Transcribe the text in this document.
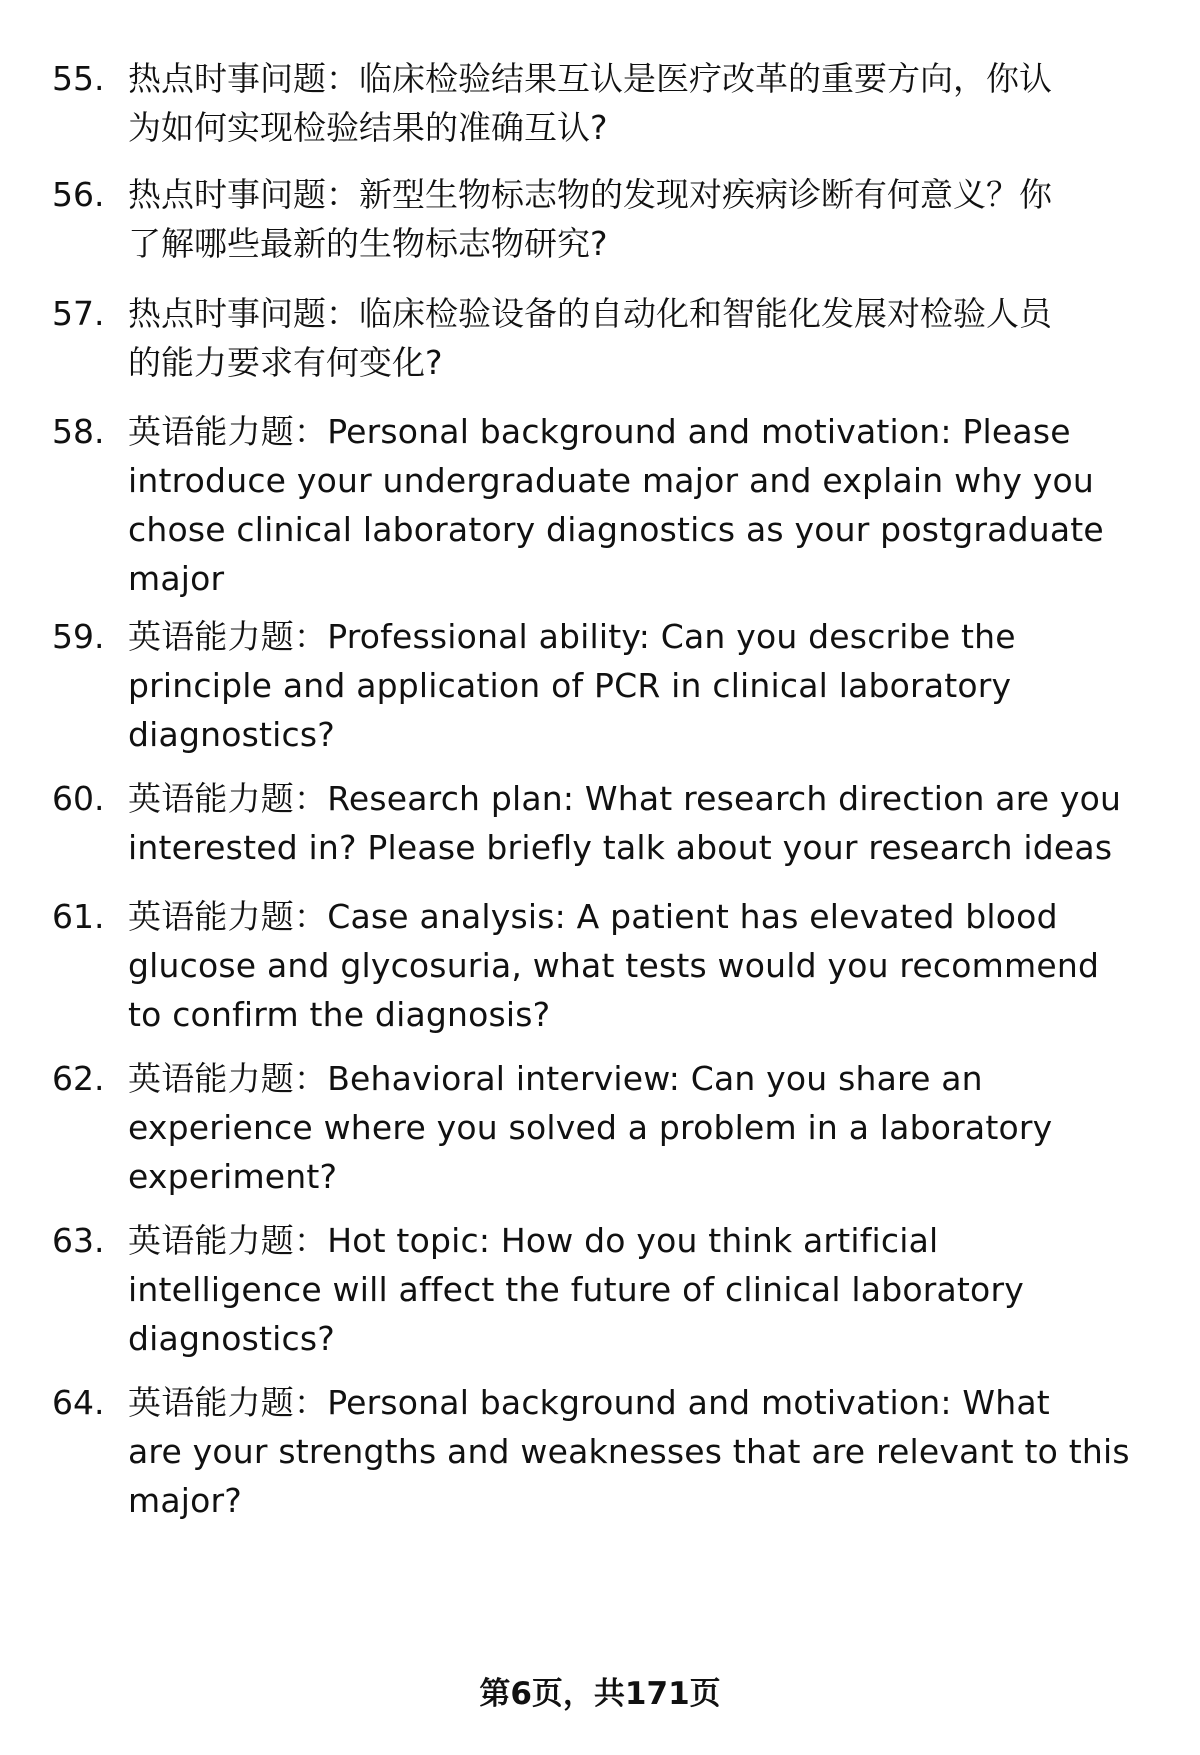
55. 热点时事问题：临床检验结果互认是医疗改革的重要方向，你认
为如何实现检验结果的准确互认?

56. 热点时事问题：新型生物标志物的发现对疾病诊断有何意义？你
了解哪些最新的生物标志物研究?

57. 热点时事问题：临床检验设备的自动化和智能化发展对检验人员
的能力要求有何变化?

58. 英语能力题：Personal background and motivation: Please
introduce your undergraduate major and explain why you
chose clinical laboratory diagnostics as your postgraduate
major

59. 英语能力题：Professional ability: Can you describe the
principle and application of PCR in clinical laboratory
diagnostics?

60. 英语能力题：Research plan: What research direction are you
interested in? Please briefly talk about your research ideas

61. 英语能力题：Case analysis: A patient has elevated blood
glucose and glycosuria, what tests would you recommend
to confirm the diagnosis?

62. 英语能力题：Behavioral interview: Can you share an
experience where you solved a problem in a laboratory
experiment?

63. 英语能力题：Hot topic: How do you think artificial
intelligence will affect the future of clinical laboratory
diagnostics?

64. 英语能力题：Personal background and motivation: What
are your strengths and weaknesses that are relevant to this
major?

第6页，共171页
